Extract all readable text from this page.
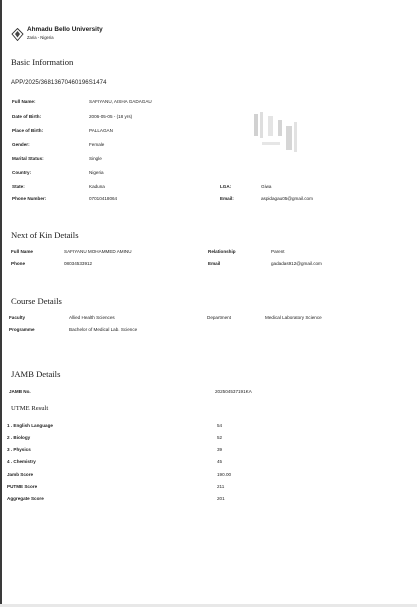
Ahmadu Bello University
Zaria - Nigeria
Basic Information
APP/2025/36813670460196S1474
Full Name:	SAFIYANU, AISHA GADAGAU
Date of Birth:	2006-05-05 - (18 yrs)
Place of Birth:	PALLAGAN
Gender:	Female
Marital Status:	Single
Country:	Nigeria
State:	Kaduna	LGA:	Giwa
Phone Number:	07010418064	Email:	aspidagau05@gmail.com
Next of Kin Details
Full Name	SAFIYANU MOHAMMED AMINU	Relationship	Parent
Phone	08034533912	Email	gadadas912@gmail.com
Course Details
Faculty	Allied Health Sciences	Department	Medical Laboratory Science
Programme	Bachelor of Medical Lab. Science
JAMB Details
JAMB No.	202504537191KA
UTME Result
1 . English Language	54
2 . Biology	52
3 . Physics	39
4 . Chemistry	45
Jamb Score	190.00
PUTME Score	211
Aggregate Score	201
